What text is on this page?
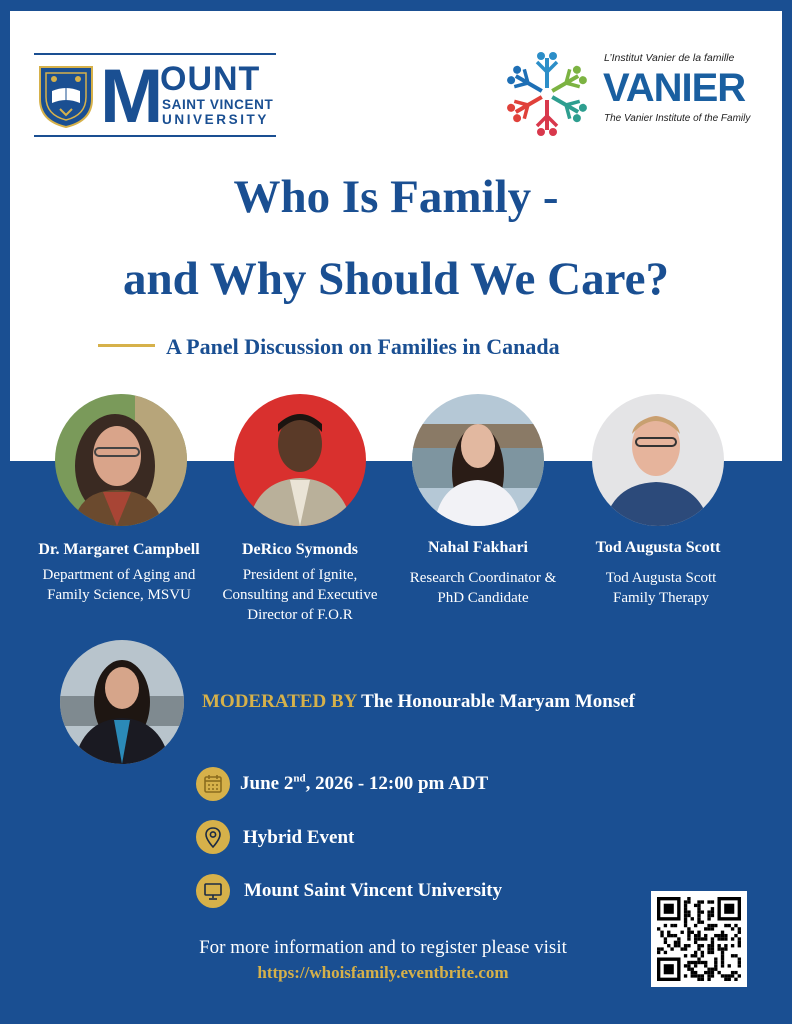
M
OUNT
SAINT VINCENT
UNIVERSITY
L’Institut Vanier de la famille
VANIER
The Vanier Institute of the Family
Who Is Family -
and Why Should We Care?
A Panel Discussion on Families in Canada
Dr. Margaret Campbell
Department of Aging and
Family Science, MSVU
DeRico Symonds
President of Ignite,
Consulting and Executive
Director of F.O.R
Nahal Fakhari
Research Coordinator &
PhD Candidate
Tod Augusta Scott
Tod Augusta Scott
Family Therapy
MODERATED BY The Honourable Maryam Monsef
June 2nd, 2026 - 12:00 pm ADT
Hybrid Event
Mount Saint Vincent University
For more information and to register please visit
https://whoisfamily.eventbrite.com
